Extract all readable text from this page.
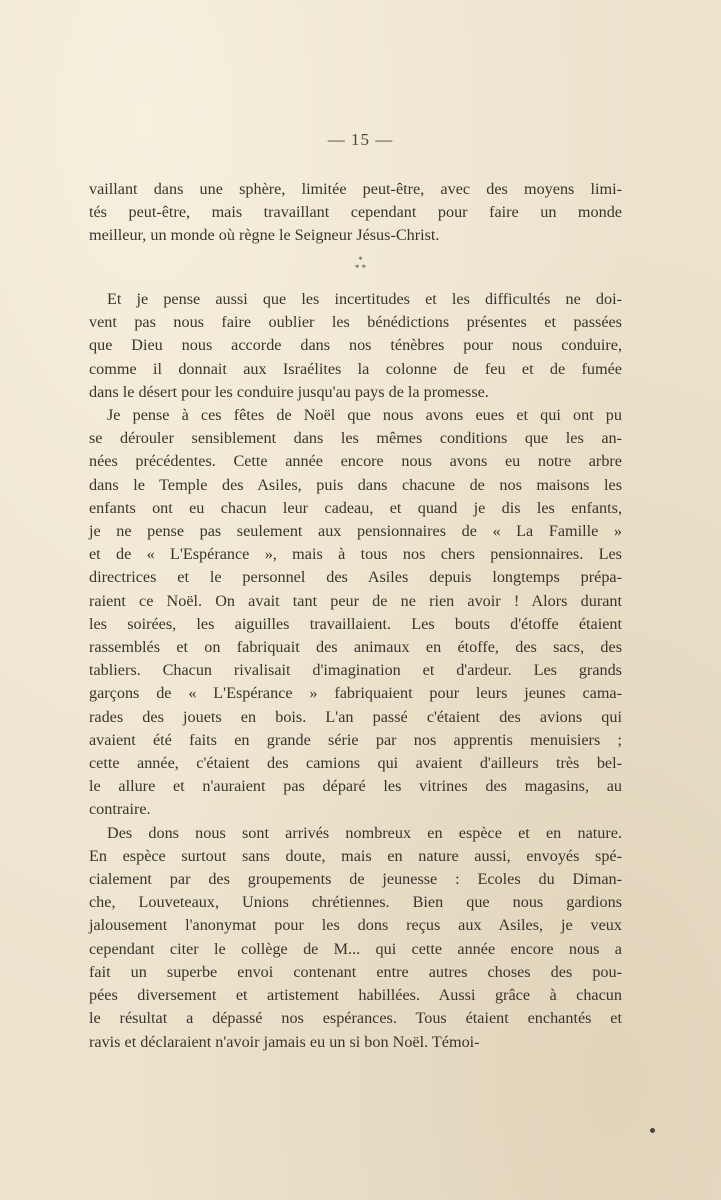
— 15 —
vaillant dans une sphère, limitée peut-être, avec des moyens limi-
tés peut-être, mais travaillant cependant pour faire un monde
meilleur, un monde où règne le Seigneur Jésus-Christ.
*
* *
Et je pense aussi que les incertitudes et les difficultés ne doi-
vent pas nous faire oublier les bénédictions présentes et passées
que Dieu nous accorde dans nos ténèbres pour nous conduire,
comme il donnait aux Israélites la colonne de feu et de fumée
dans le désert pour les conduire jusqu'au pays de la promesse.
Je pense à ces fêtes de Noël que nous avons eues et qui ont pu
se dérouler sensiblement dans les mêmes conditions que les an-
nées précédentes. Cette année encore nous avons eu notre arbre
dans le Temple des Asiles, puis dans chacune de nos maisons les
enfants ont eu chacun leur cadeau, et quand je dis les enfants,
je ne pense pas seulement aux pensionnaires de « La Famille »
et de « L'Espérance », mais à tous nos chers pensionnaires. Les
directrices et le personnel des Asiles depuis longtemps prépa-
raient ce Noël. On avait tant peur de ne rien avoir ! Alors durant
les soirées, les aiguilles travaillaient. Les bouts d'étoffe étaient
rassemblés et on fabriquait des animaux en étoffe, des sacs, des
tabliers. Chacun rivalisait d'imagination et d'ardeur. Les grands
garçons de « L'Espérance » fabriquaient pour leurs jeunes cama-
rades des jouets en bois. L'an passé c'étaient des avions qui
avaient été faits en grande série par nos apprentis menuisiers ;
cette année, c'étaient des camions qui avaient d'ailleurs très bel-
le allure et n'auraient pas déparé les vitrines des magasins, au
contraire.
Des dons nous sont arrivés nombreux en espèce et en nature.
En espèce surtout sans doute, mais en nature aussi, envoyés spé-
cialement par des groupements de jeunesse : Ecoles du Diman-
che, Louveteaux, Unions chrétiennes. Bien que nous gardions
jalousement l'anonymat pour les dons reçus aux Asiles, je veux
cependant citer le collège de M... qui cette année encore nous a
fait un superbe envoi contenant entre autres choses des pou-
pées diversement et artistement habillées. Aussi grâce à chacun
le résultat a dépassé nos espérances. Tous étaient enchantés et
ravis et déclaraient n'avoir jamais eu un si bon Noël. Témoi-
